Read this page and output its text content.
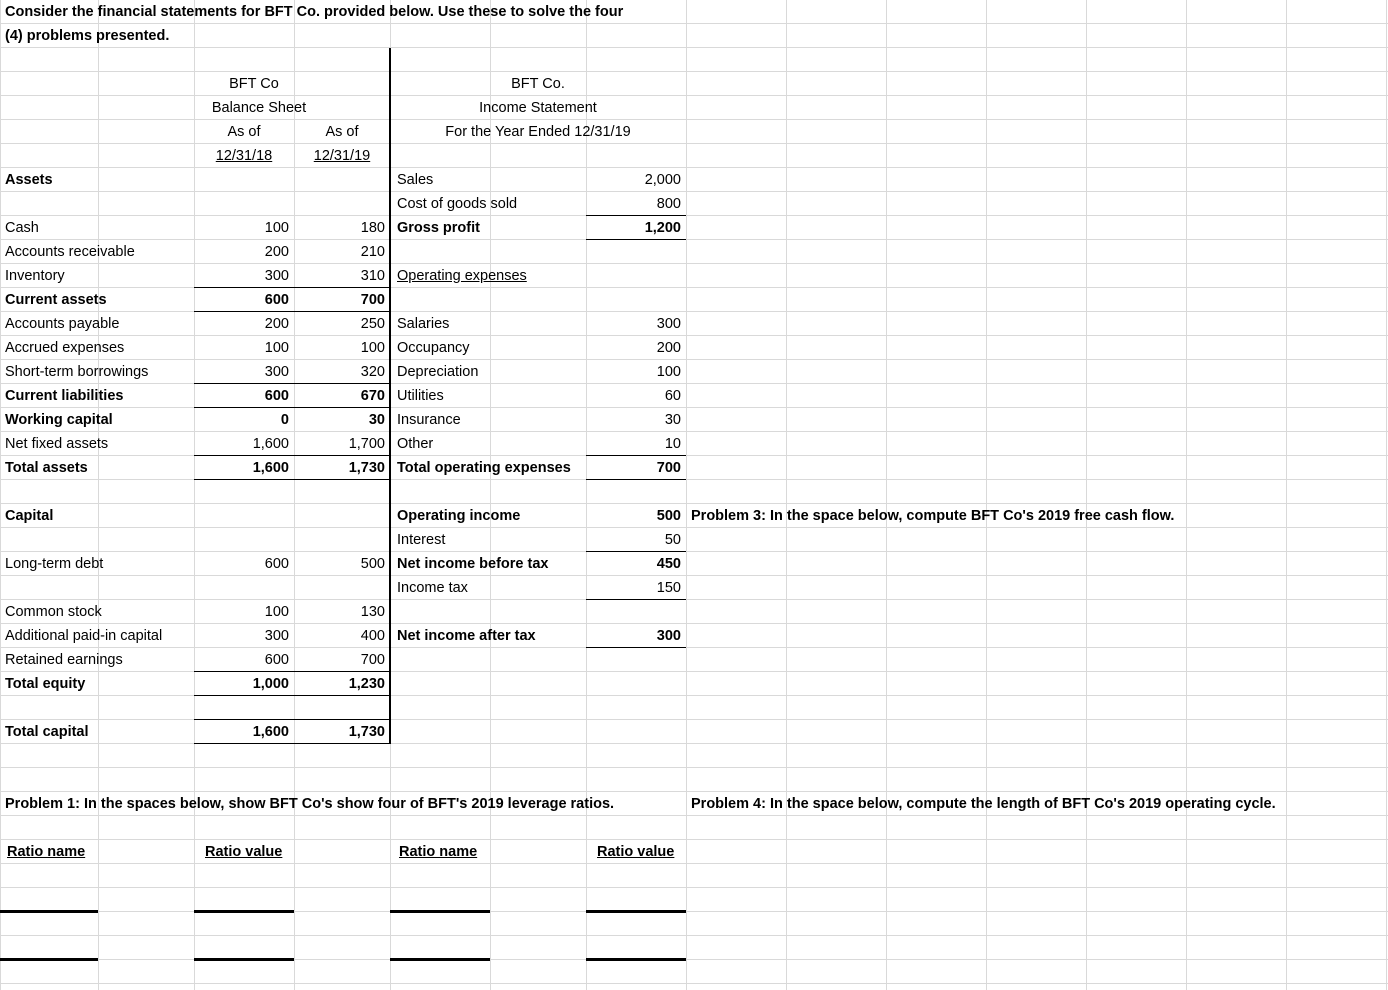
Consider the financial statements for BFT Co. provided below. Use these to solve the four
(4) problems presented.
BFT Co
Balance Sheet
As of	As of
12/31/18	12/31/19
Assets
Cash	100	180
Accounts receivable	200	210
Inventory	300	310
Current assets	600	700
Accounts payable	200	250
Accrued expenses	100	100
Short-term borrowings	300	320
Current liabilities	600	670
Working capital	0	30
Net fixed assets	1,600	1,700
Total assets	1,600	1,730
Capital
Long-term debt	600	500
Common stock	100	130
Additional paid-in capital	300	400
Retained earnings	600	700
Total equity	1,000	1,230
Total capital	1,600	1,730
BFT Co.
Income Statement
For the Year Ended 12/31/19
Sales	2,000
Cost of goods sold	800
Gross profit	1,200
Operating expenses
Salaries	300
Occupancy	200
Depreciation	100
Utilities	60
Insurance	30
Other	10
Total operating expenses	700
Operating income	500
Interest	50
Net income before tax	450
Income tax	150
Net income after tax	300
Problem 3: In the space below, compute BFT Co's 2019 free cash flow.
Problem 1: In the spaces below, show BFT Co's show four of BFT's 2019 leverage ratios.	Problem 4: In the space below, compute the length of BFT Co's 2019 operating cycle.
Ratio name	Ratio value	Ratio name	Ratio value
